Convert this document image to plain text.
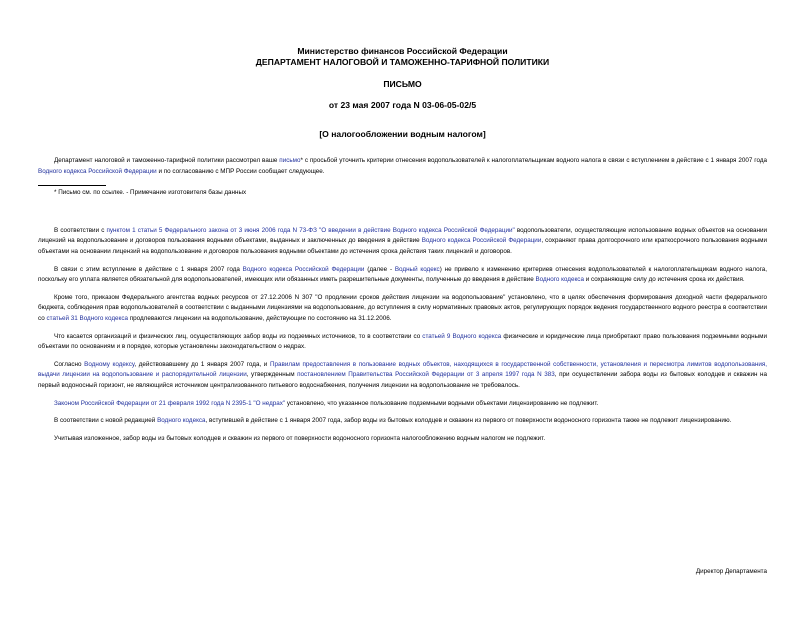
Министерство финансов Российской Федерации
ДЕПАРТАМЕНТ НАЛОГОВОЙ И ТАМОЖЕННО-ТАРИФНОЙ ПОЛИТИКИ
ПИСЬМО
от 23 мая 2007 года N 03-06-05-02/5
[О налогообложении водным налогом]

Департамент налоговой и таможенно-тарифной политики рассмотрел ваше письмо* с просьбой уточнить критерии отнесения водопользователей к налогоплательщикам водного налога в связи с вступлением в действие с 1 января 2007 года Водного кодекса Российской Федерации и по согласованию с МПР России сообщает следующее.

* Письмо см. по ссылке. - Примечание изготовителя базы данных

В соответствии с пунктом 1 статьи 5 Федерального закона от 3 июня 2006 года N 73-ФЗ "О введении в действие Водного кодекса Российской Федерации" водопользователи, осуществляющие использование водных объектов на основании лицензий на водопользование и договоров пользования водными объектами, выданных и заключенных до введения в действие Водного кодекса Российской Федерации, сохраняют права долгосрочного или краткосрочного пользования водными объектами на основании лицензий на водопользование и договоров пользования водными объектами до истечения срока действия таких лицензий и договоров.

В связи с этим вступление в действие с 1 января 2007 года Водного кодекса Российской Федерации (далее - Водный кодекс) не привело к изменению критериев отнесения водопользователей к налогоплательщикам водного налога, поскольку его уплата является обязательной для водопользователей, имеющих или обязанных иметь разрешительные документы, полученные до введения в действие Водного кодекса и сохраняющие силу до истечения срока их действия.

Кроме того, приказом Федерального агентства водных ресурсов от 27.12.2006 N 307 "О продлении сроков действия лицензии на водопользование" установлено, что в целях обеспечения формирования доходной части федерального бюджета, соблюдения прав водопользователей в соответствии с выданными лицензиями на водопользование, до вступления в силу нормативных правовых актов, регулирующих порядок ведения государственного водного реестра в соответствии со статьей 31 Водного кодекса продлеваются лицензии на водопользование, действующие по состоянию на 31.12.2006.

Что касается организаций и физических лиц, осуществляющих забор воды из подземных источников, то в соответствии со статьей 9 Водного кодекса физические и юридические лица приобретают право пользования подземными водными объектами по основаниям и в порядке, которые установлены законодательством о недрах.

Согласно Водному кодексу, действовавшему до 1 января 2007 года, и Правилам предоставления в пользование водных объектов, находящихся в государственной собственности, установления и пересмотра лимитов водопользования, выдачи лицензии на водопользование и распорядительной лицензии, утвержденным постановлением Правительства Российской Федерации от 3 апреля 1997 года N 383, при осуществлении забора воды из бытовых колодцев и скважин на первый водоносный горизонт, не являющийся источником централизованного питьевого водоснабжения, получения лицензии на водопользование не требовалось.

Законом Российской Федерации от 21 февраля 1992 года N 2395-1 "О недрах" установлено, что указанное пользование подземными водными объектами лицензированию не подлежит.

В соответствии с новой редакцией Водного кодекса, вступившей в действие с 1 января 2007 года, забор воды из бытовых колодцев и скважин из первого от поверхности водоносного горизонта также не подлежит лицензированию.

Учитывая изложенное, забор воды из бытовых колодцев и скважин из первого от поверхности водоносного горизонта налогообложению водным налогом не подлежит.

Директор Департамента
